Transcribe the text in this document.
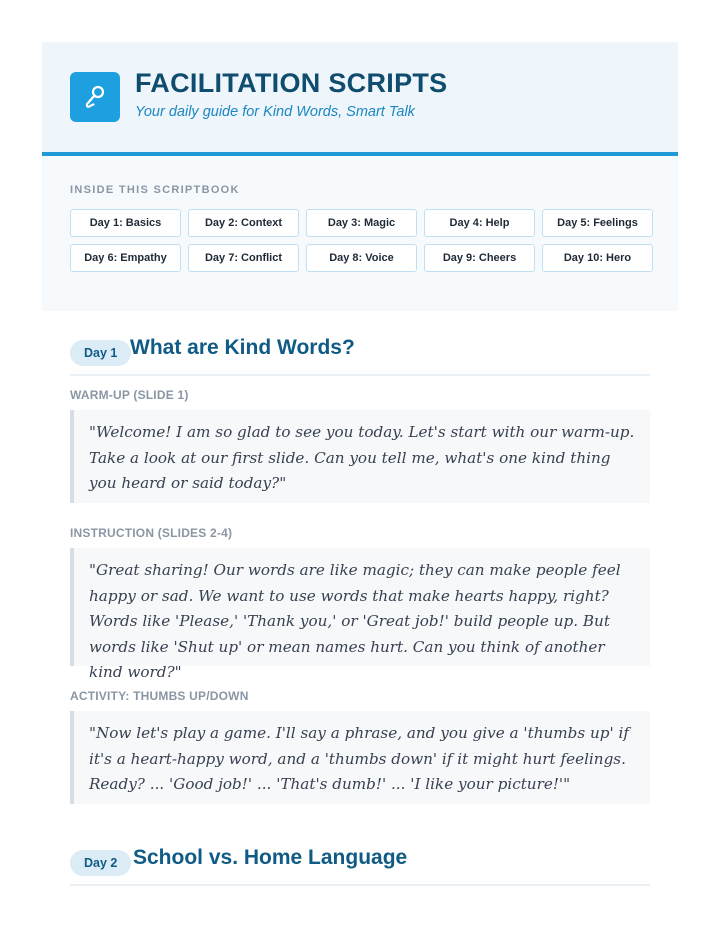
FACILITATION SCRIPTS

Your daily guide for Kind Words, Smart Talk

INSIDE THIS SCRIPTBOOK

Day 1: Basics	Day 2: Context	Day 3: Magic	Day 4: Help	Day 5: Feelings
Day 6: Empathy	Day 7: Conflict	Day 8: Voice	Day 9: Cheers	Day 10: Hero
Day 1 What are Kind Words?

WARM-UP (SLIDE 1)

"Welcome! I am so glad to see you today. Let's start with our warm-up. Take a look at our first slide. Can you tell me, what's one kind thing you heard or said today?"

INSTRUCTION (SLIDES 2-4)

"Great sharing! Our words are like magic; they can make people feel happy or sad. We want to use words that make hearts happy, right? Words like 'Please,' 'Thank you,' or 'Great job!' build people up. But words like 'Shut up' or mean names hurt. Can you think of another kind word?"

ACTIVITY: THUMBS UP/DOWN

"Now let's play a game. I'll say a phrase, and you give a 'thumbs up' if it's a heart-happy word, and a 'thumbs down' if it might hurt feelings. Ready? ... 'Good job!' ... 'That's dumb!' ... 'I like your picture!'"

Day 2 School vs. Home Language
